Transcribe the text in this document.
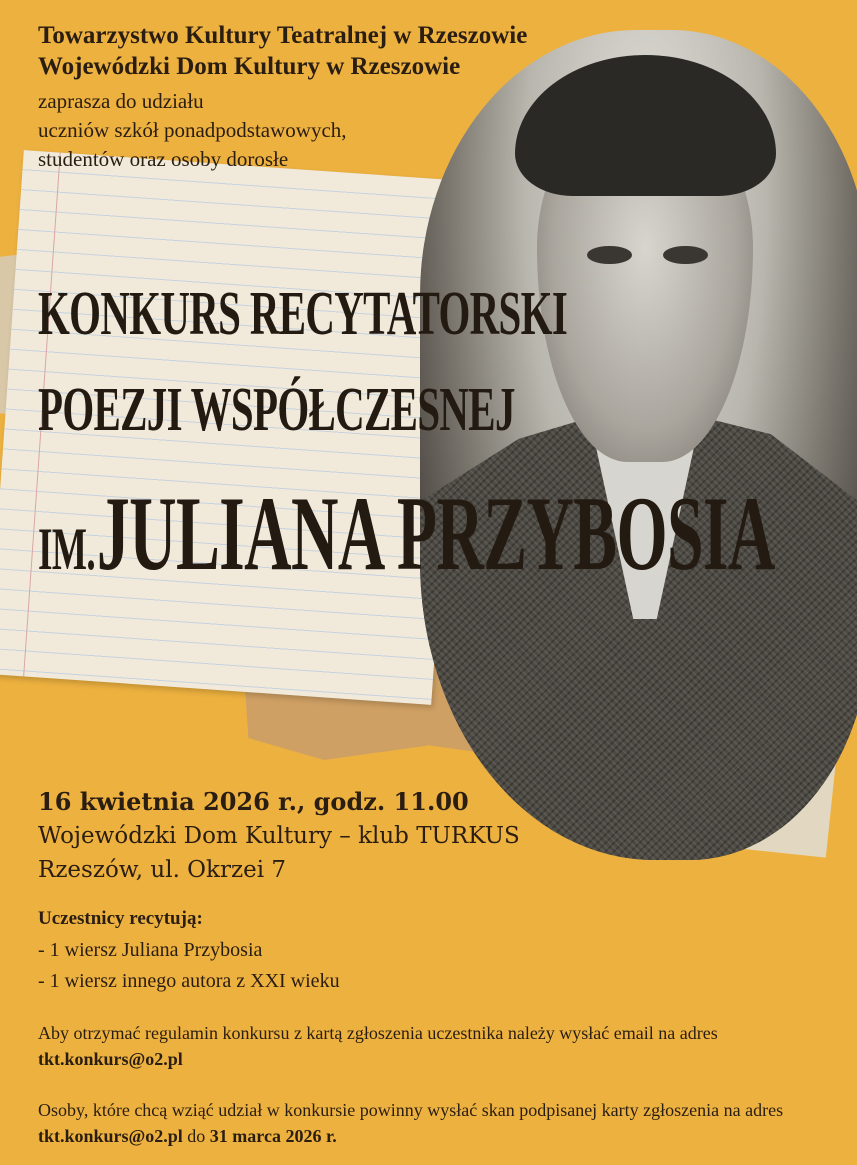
Towarzystwo Kultury Teatralnej w Rzeszowie
Wojewódzki Dom Kultury w Rzeszowie
zaprasza do udziału
uczniów szkół ponadpodstawowych,
studentów oraz osoby dorosłe
KONKURS RECYTATORSKI
POEZJI WSPÓŁCZESNEJ
IM. JULIANA PRZYBOSIA
16 kwietnia 2026 r., godz. 11.00
Wojewódzki Dom Kultury – klub TURKUS
Rzeszów, ul. Okrzei 7
Uczestnicy recytują:
- 1 wiersz Juliana Przybosia
- 1 wiersz innego autora z XXI wieku
Aby otrzymać regulamin konkursu z kartą zgłoszenia uczestnika należy wysłać email na adres tkt.konkurs@o2.pl
Osoby, które chcą wziąć udział w konkursie powinny wysłać skan podpisanej karty zgłoszenia na adres tkt.konkurs@o2.pl do 31 marca 2026 r.
